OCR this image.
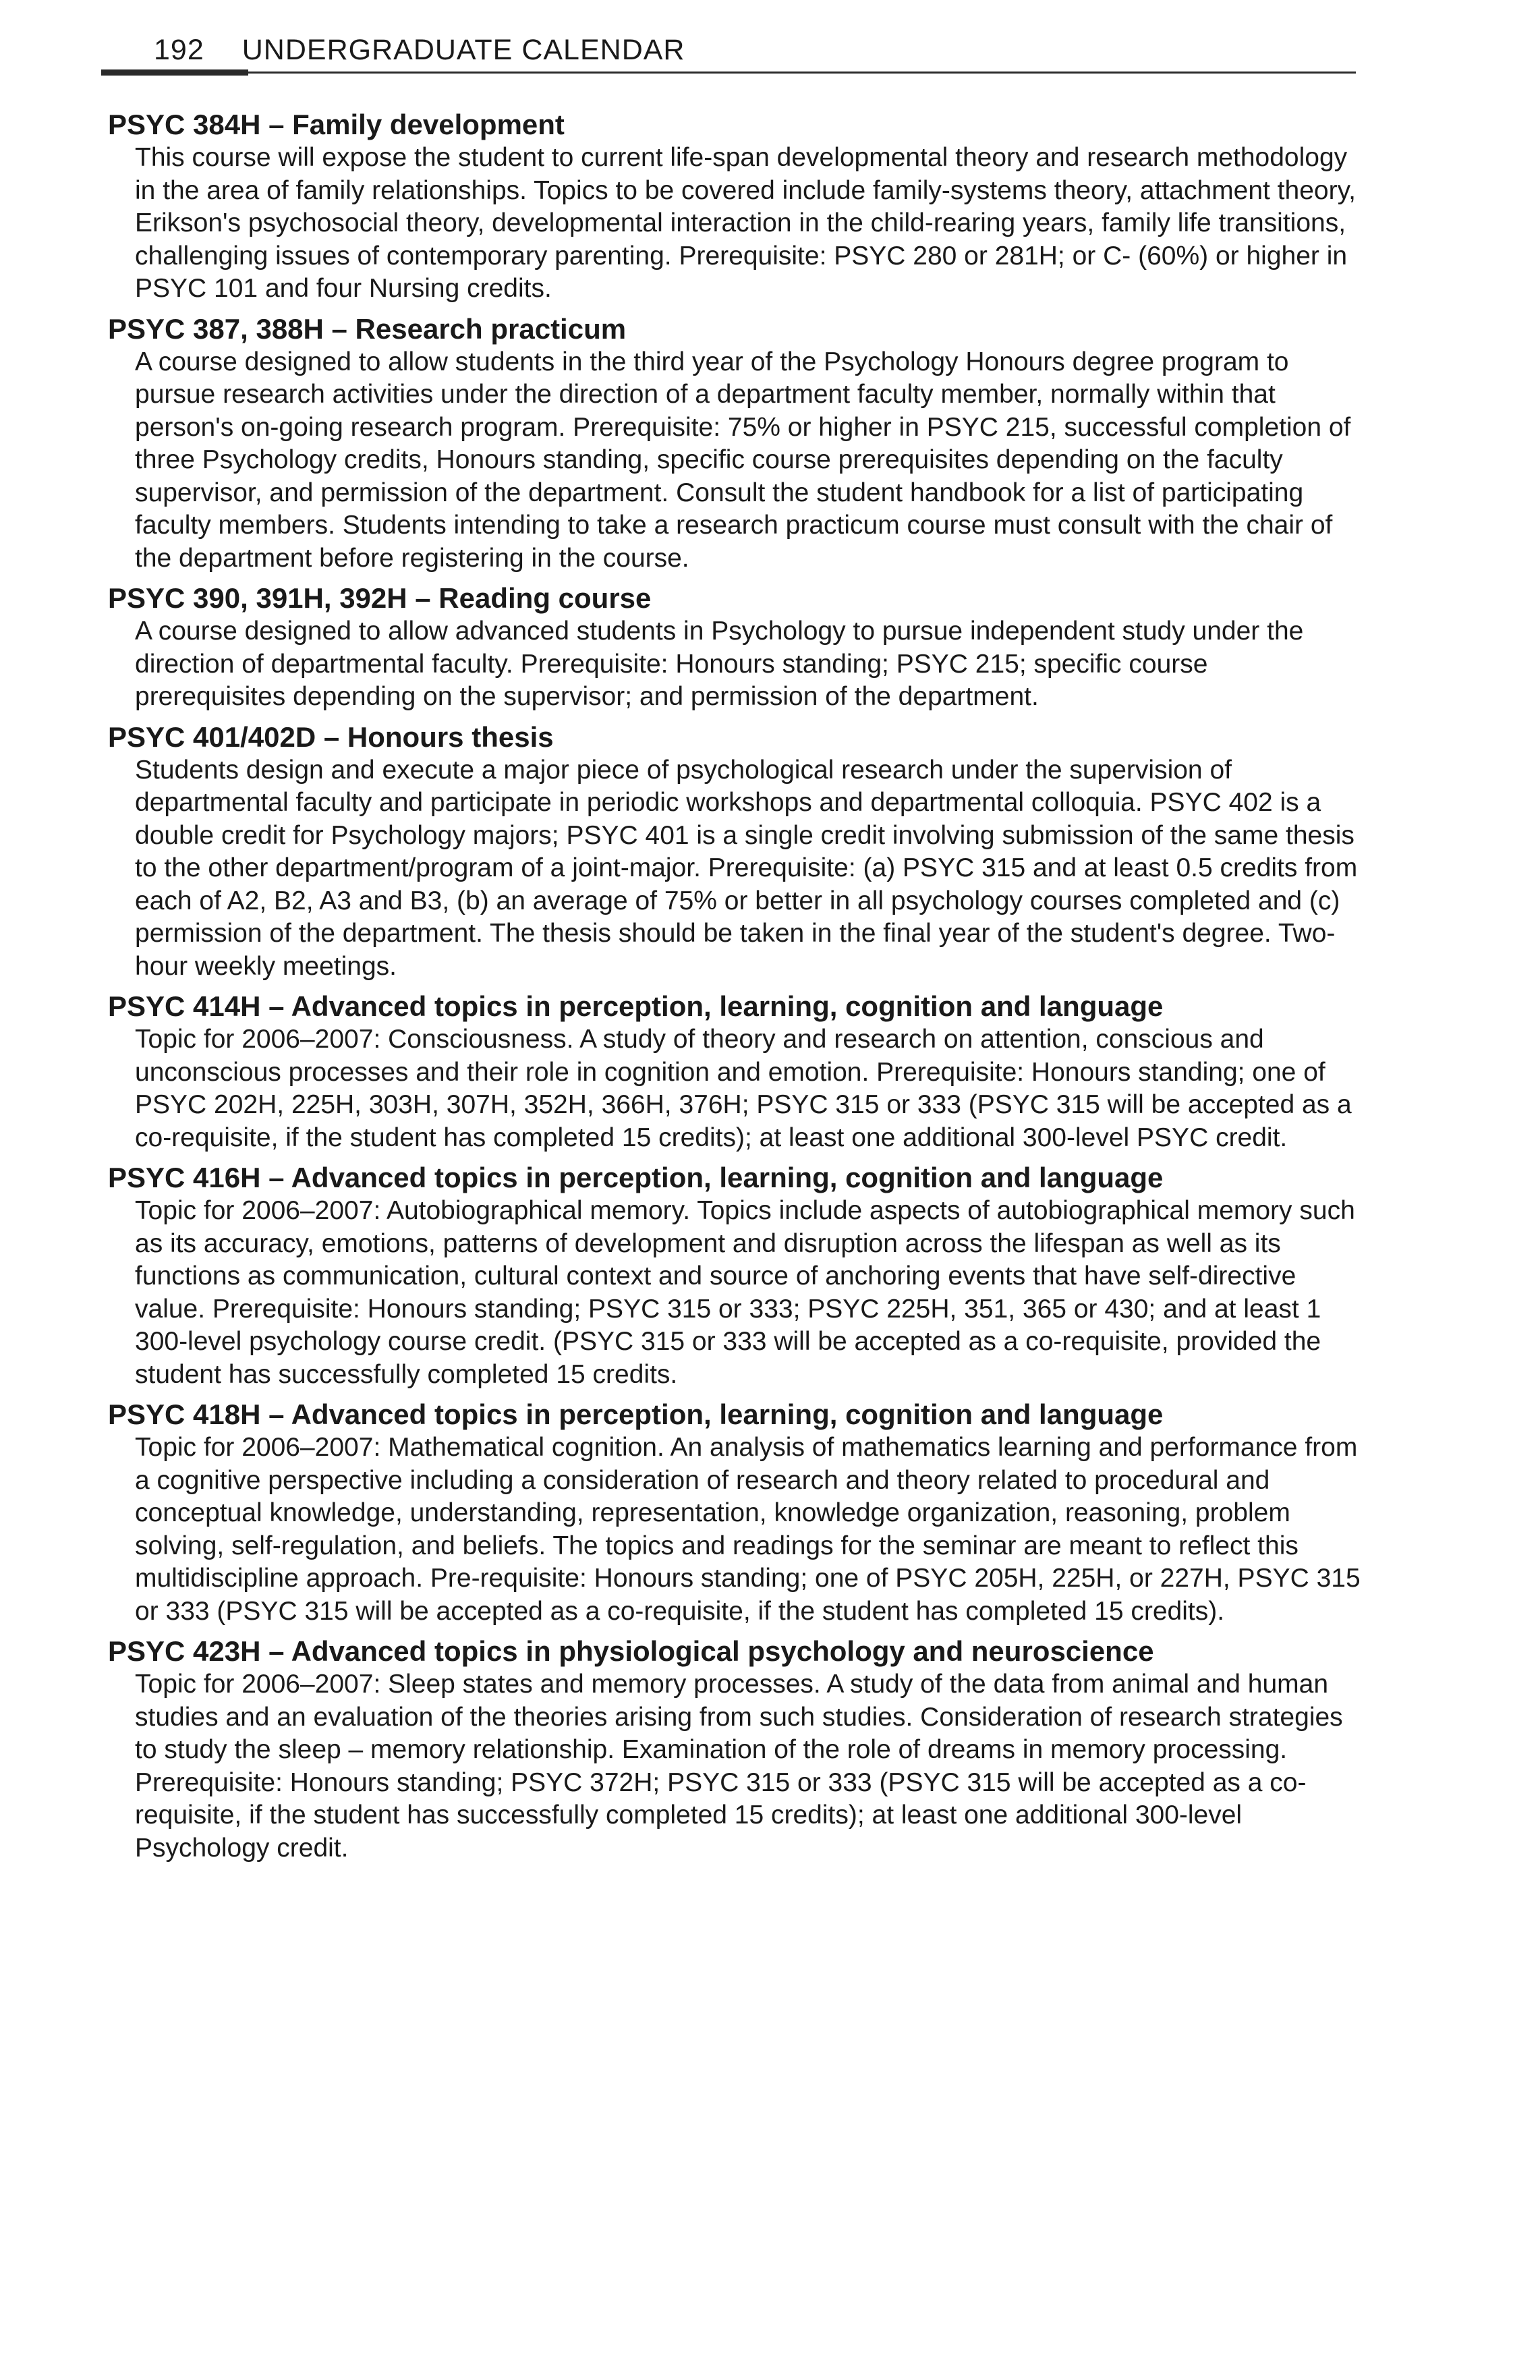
192 UNDERGRADUATE CALENDAR

PSYC 384H – Family development

This course will expose the student to current life-span developmental theory and research methodology in the area of family relationships. Topics to be covered include family-systems theory, attachment theory, Erikson's psychosocial theory, developmental interaction in the child-rearing years, family life transitions, challenging issues of contemporary parenting. Prerequisite: PSYC 280 or 281H; or C- (60%) or higher in PSYC 101 and four Nursing credits.

PSYC 387, 388H – Research practicum

A course designed to allow students in the third year of the Psychology Honours degree program to pursue research activities under the direction of a department faculty member, normally within that person's on-going research program. Prerequisite: 75% or higher in PSYC 215, successful completion of three Psychology credits, Honours standing, specific course prerequisites depending on the faculty supervisor, and permission of the department. Consult the student handbook for a list of participating faculty members. Students intending to take a research practicum course must consult with the chair of the department before registering in the course.

PSYC 390, 391H, 392H – Reading course

A course designed to allow advanced students in Psychology to pursue independent study under the direction of departmental faculty. Prerequisite: Honours standing; PSYC 215; specific course prerequisites depending on the supervisor; and permission of the department.

PSYC 401/402D – Honours thesis

Students design and execute a major piece of psychological research under the supervision of departmental faculty and participate in periodic workshops and departmental colloquia. PSYC 402 is a double credit for Psychology majors; PSYC 401 is a single credit involving submission of the same thesis to the other department/program of a joint-major. Prerequisite: (a) PSYC 315 and at least 0.5 credits from each of A2, B2, A3 and B3, (b) an average of 75% or better in all psychology courses completed and (c) permission of the department. The thesis should be taken in the final year of the student's degree. Two-hour weekly meetings.

PSYC 414H – Advanced topics in perception, learning, cognition and language

Topic for 2006–2007: Consciousness. A study of theory and research on attention, conscious and unconscious processes and their role in cognition and emotion. Prerequisite: Honours standing; one of PSYC 202H, 225H, 303H, 307H, 352H, 366H, 376H; PSYC 315 or 333 (PSYC 315 will be accepted as a co-requisite, if the student has completed 15 credits); at least one additional 300-level PSYC credit.

PSYC 416H – Advanced topics in perception, learning, cognition and language

Topic for 2006–2007: Autobiographical memory. Topics include aspects of autobiographical memory such as its accuracy, emotions, patterns of development and disruption across the lifespan as well as its functions as communication, cultural context and source of anchoring events that have self-directive value. Prerequisite: Honours standing; PSYC 315 or 333; PSYC 225H, 351, 365 or 430; and at least 1 300-level psychology course credit. (PSYC 315 or 333 will be accepted as a co-requisite, provided the student has successfully completed 15 credits.

PSYC 418H – Advanced topics in perception, learning, cognition and language

Topic for 2006–2007: Mathematical cognition. An analysis of mathematics learning and performance from a cognitive perspective including a consideration of research and theory related to procedural and conceptual knowledge, understanding, representation, knowledge organization, reasoning, problem solving, self-regulation, and beliefs. The topics and readings for the seminar are meant to reflect this multidiscipline approach. Pre-requisite: Honours standing; one of PSYC 205H, 225H, or 227H, PSYC 315 or 333 (PSYC 315 will be accepted as a co-requisite, if the student has completed 15 credits).

PSYC 423H – Advanced topics in physiological psychology and neuroscience

Topic for 2006–2007: Sleep states and memory processes. A study of the data from animal and human studies and an evaluation of the theories arising from such studies. Consideration of research strategies to study the sleep – memory relationship. Examination of the role of dreams in memory processing. Prerequisite: Honours standing; PSYC 372H; PSYC 315 or 333 (PSYC 315 will be accepted as a co-requisite, if the student has successfully completed 15 credits); at least one additional 300-level Psychology credit.
